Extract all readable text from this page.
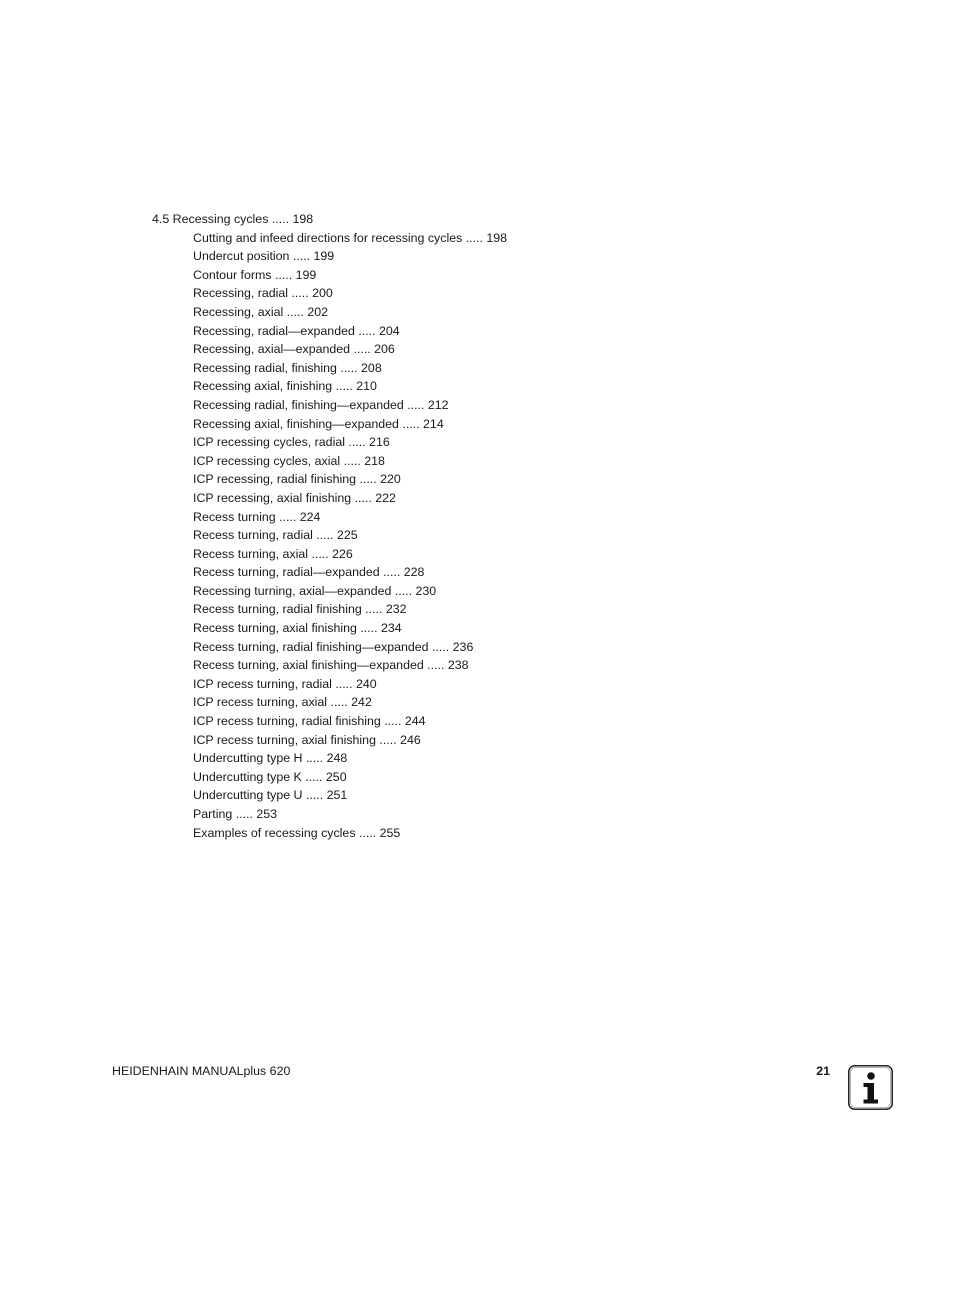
4.5 Recessing cycles ..... 198
Cutting and infeed directions for recessing cycles ..... 198
Undercut position ..... 199
Contour forms ..... 199
Recessing, radial ..... 200
Recessing, axial ..... 202
Recessing, radial—expanded ..... 204
Recessing, axial—expanded ..... 206
Recessing radial, finishing ..... 208
Recessing axial, finishing ..... 210
Recessing radial, finishing—expanded ..... 212
Recessing axial, finishing—expanded ..... 214
ICP recessing cycles, radial ..... 216
ICP recessing cycles, axial ..... 218
ICP recessing, radial finishing ..... 220
ICP recessing, axial finishing ..... 222
Recess turning ..... 224
Recess turning, radial ..... 225
Recess turning, axial ..... 226
Recess turning, radial—expanded ..... 228
Recessing turning, axial—expanded ..... 230
Recess turning, radial finishing ..... 232
Recess turning, axial finishing ..... 234
Recess turning, radial finishing—expanded ..... 236
Recess turning, axial finishing—expanded ..... 238
ICP recess turning, radial ..... 240
ICP recess turning, axial ..... 242
ICP recess turning, radial finishing ..... 244
ICP recess turning, axial finishing ..... 246
Undercutting type H ..... 248
Undercutting type K ..... 250
Undercutting type U ..... 251
Parting ..... 253
Examples of recessing cycles ..... 255
HEIDENHAIN MANUALplus 620	21
